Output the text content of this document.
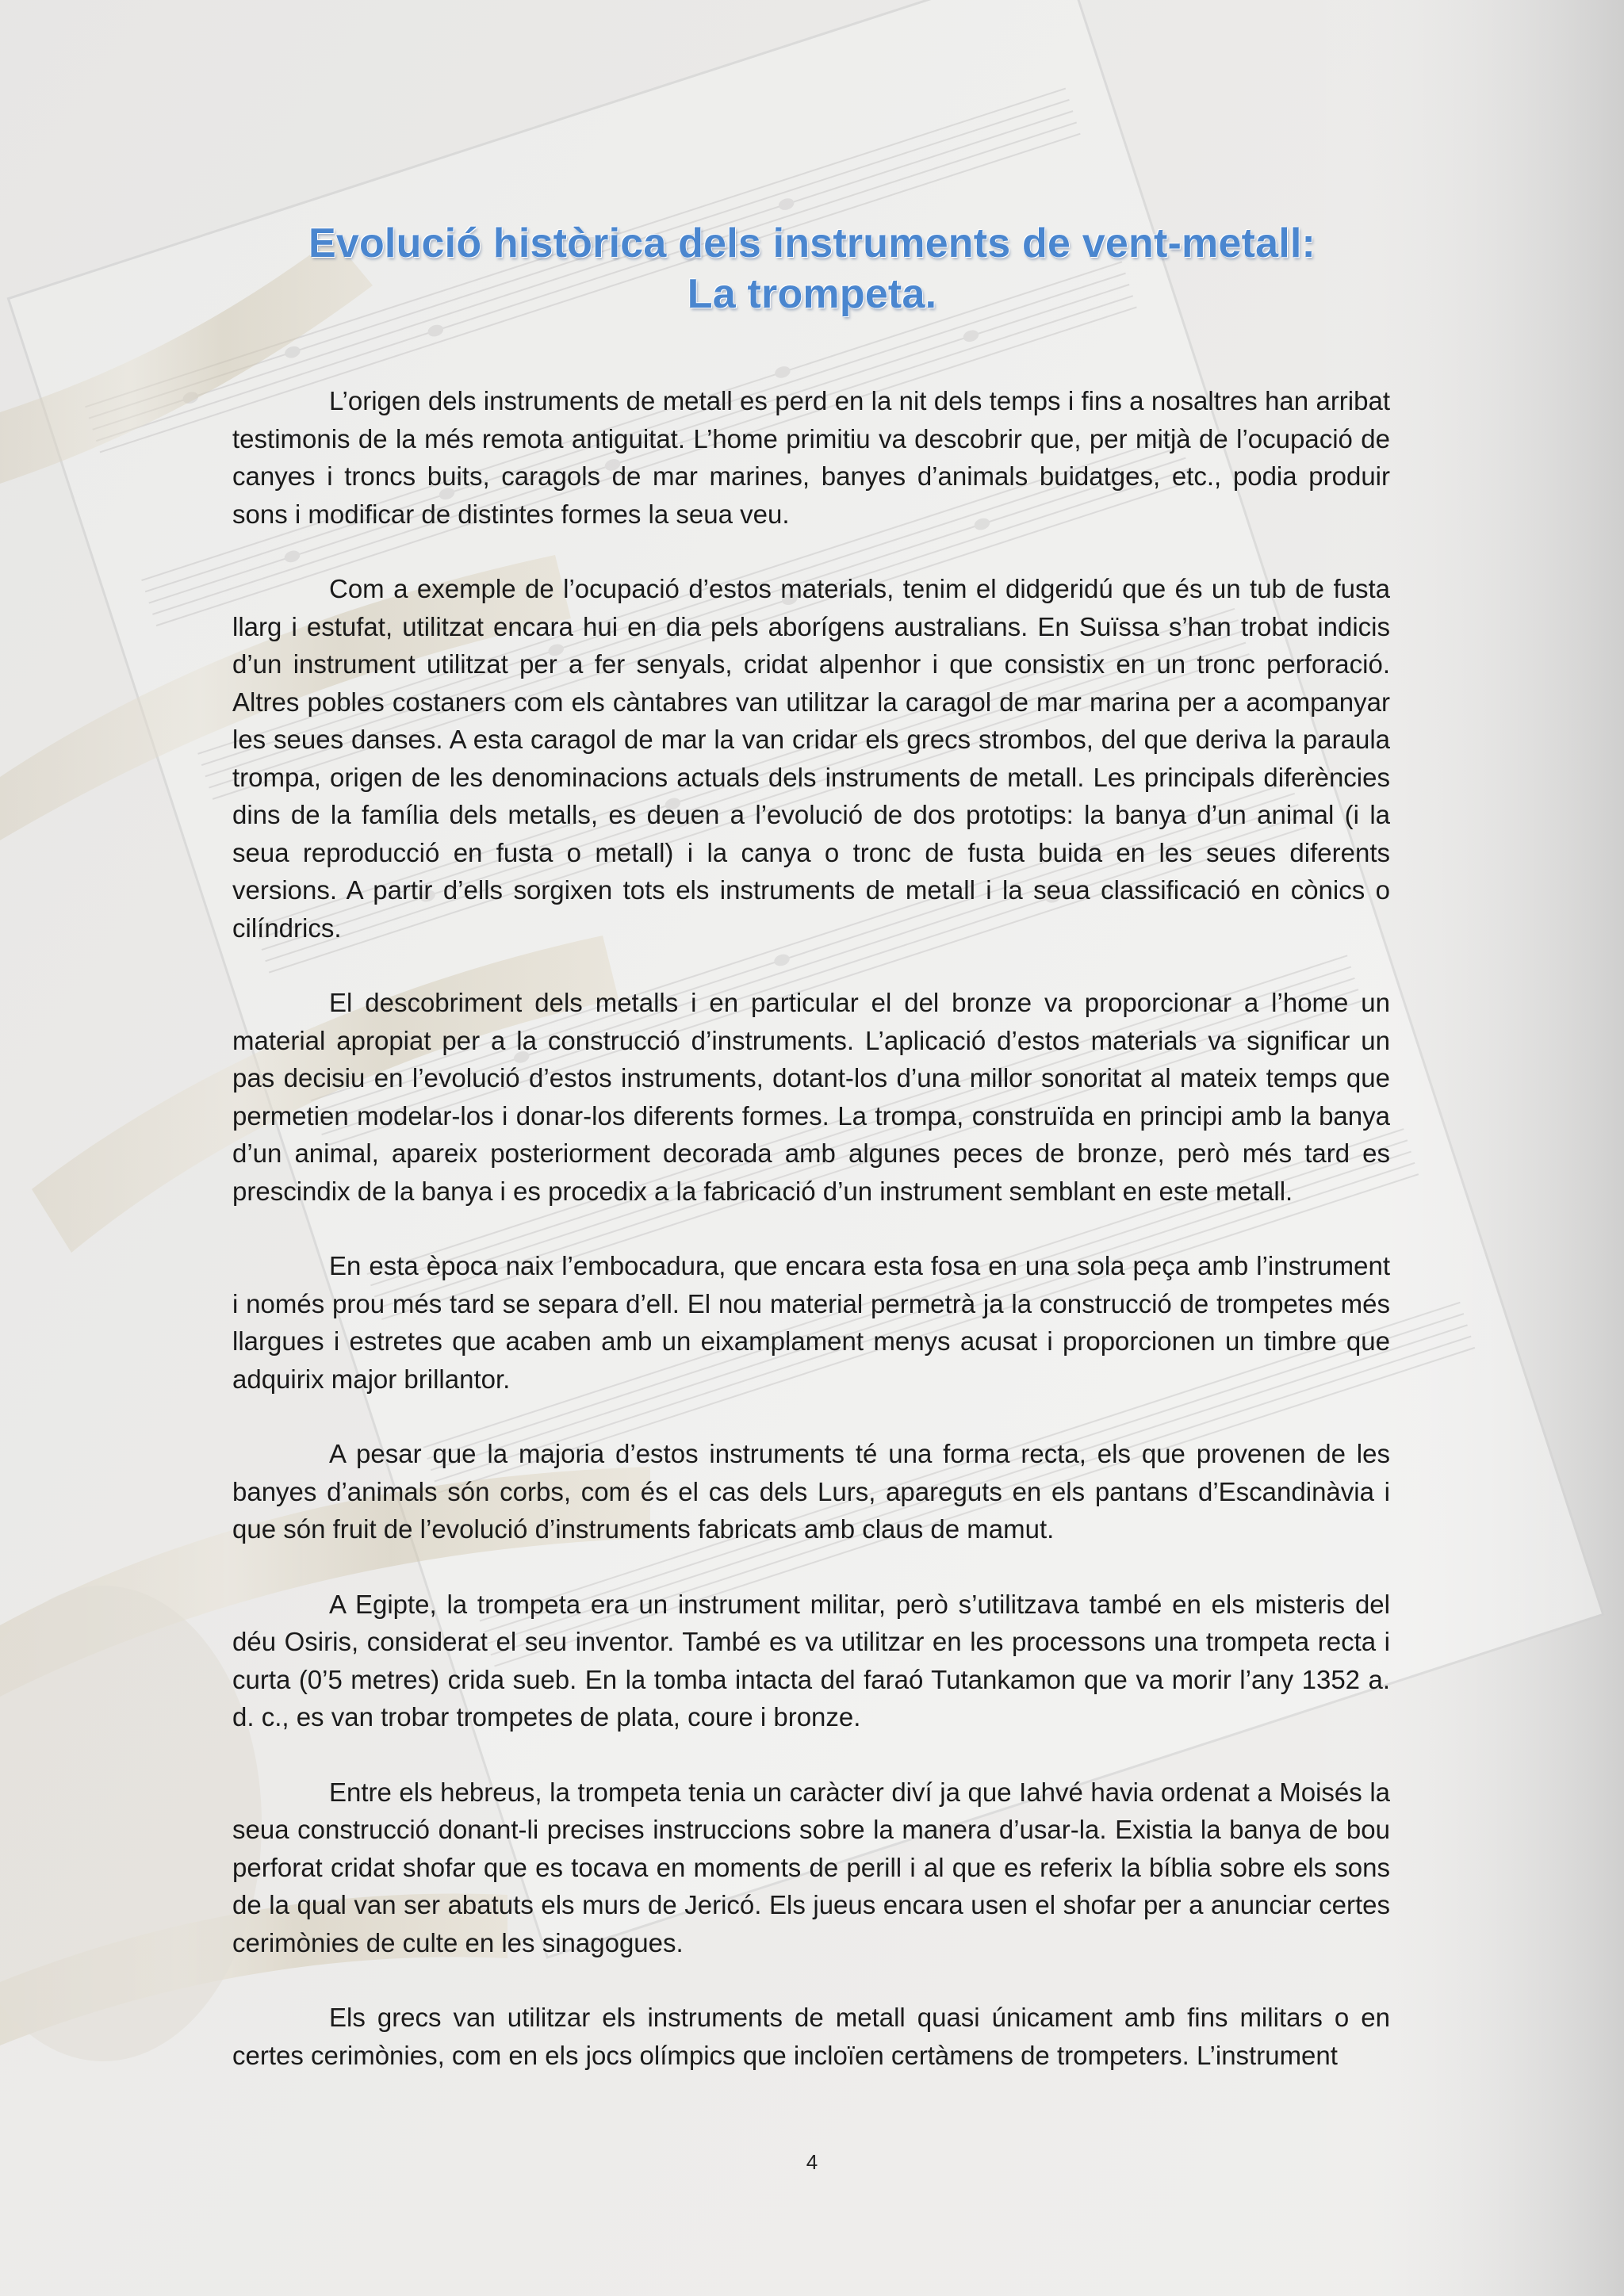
Evolució històrica dels instruments de vent-metall:
La trompeta.

L’origen dels instruments de metall es perd en la nit dels temps i fins a nosaltres han arribat testimonis de la més remota antiguitat. L’home primitiu va descobrir que, per mitjà de l’ocupació de canyes i troncs buits, caragols de mar marines, banyes d’animals buidatges, etc., podia produir sons i modificar de distintes formes la seua veu.

Com a exemple de l’ocupació d’estos materials, tenim el didgeridú que és un tub de fusta llarg i estufat, utilitzat encara hui en dia pels aborígens australians. En Suïssa s’han trobat indicis d’un instrument utilitzat per a fer senyals, cridat alpenhor i que consistix en un tronc perforació. Altres pobles costaners com els càntabres van utilitzar la caragol de mar marina per a acompanyar les seues danses. A esta caragol de mar la van cridar els grecs strombos, del que deriva la paraula trompa, origen de les denominacions actuals dels instruments de metall. Les principals diferències dins de la família dels metalls, es deuen a l’evolució de dos prototips: la banya d’un animal (i la seua reproducció en fusta o metall) i la canya o tronc de fusta buida en les seues diferents versions. A partir d’ells sorgixen tots els instruments de metall i la seua classificació en cònics o cilíndrics.

El descobriment dels metalls i en particular el del bronze va proporcionar a l’home un material apropiat per a la construcció d’instruments. L’aplicació d’estos materials va significar un pas decisiu en l’evolució d’estos instruments, dotant-los d’una millor sonoritat al mateix temps que permetien modelar-los i donar-los diferents formes. La trompa, construïda en principi amb la banya d’un animal, apareix posteriorment decorada amb algunes peces de bronze, però més tard es prescindix de la banya i es procedix a la fabricació d’un instrument semblant en este metall.

En esta època naix l’embocadura, que encara esta fosa en una sola peça amb l’instrument i només prou més tard se separa d’ell. El nou material permetrà ja la construcció de trompetes més llargues i estretes que acaben amb un eixamplament menys acusat i proporcionen un timbre que adquirix major brillantor.

A pesar que la majoria d’estos instruments té una forma recta, els que provenen de les banyes d’animals són corbs, com és el cas dels Lurs, apareguts en els pantans d’Escandinàvia i que són fruit de l’evolució d’instruments fabricats amb claus de mamut.

A Egipte, la trompeta era un instrument militar, però s’utilitzava també en els misteris del déu Osiris, considerat el seu inventor. També es va utilitzar en les processons una trompeta recta i curta (0’5 metres) crida sueb. En la tomba intacta del faraó Tutankamon que va morir l’any 1352 a. d. c., es van trobar trompetes de plata, coure i bronze.

Entre els hebreus, la trompeta tenia un caràcter diví ja que Iahvé havia ordenat a Moisés la seua construcció donant-li precises instruccions sobre la manera d’usar-la. Existia la banya de bou perforat cridat shofar que es tocava en moments de perill i al que es referix la bíblia sobre els sons de la qual van ser abatuts els murs de Jericó. Els jueus encara usen el shofar per a anunciar certes cerimònies de culte en les sinagogues.

Els grecs van utilitzar els instruments de metall quasi únicament amb fins militars o en certes cerimònies, com en els jocs olímpics que incloïen certàmens de trompeters. L’instrument

4
